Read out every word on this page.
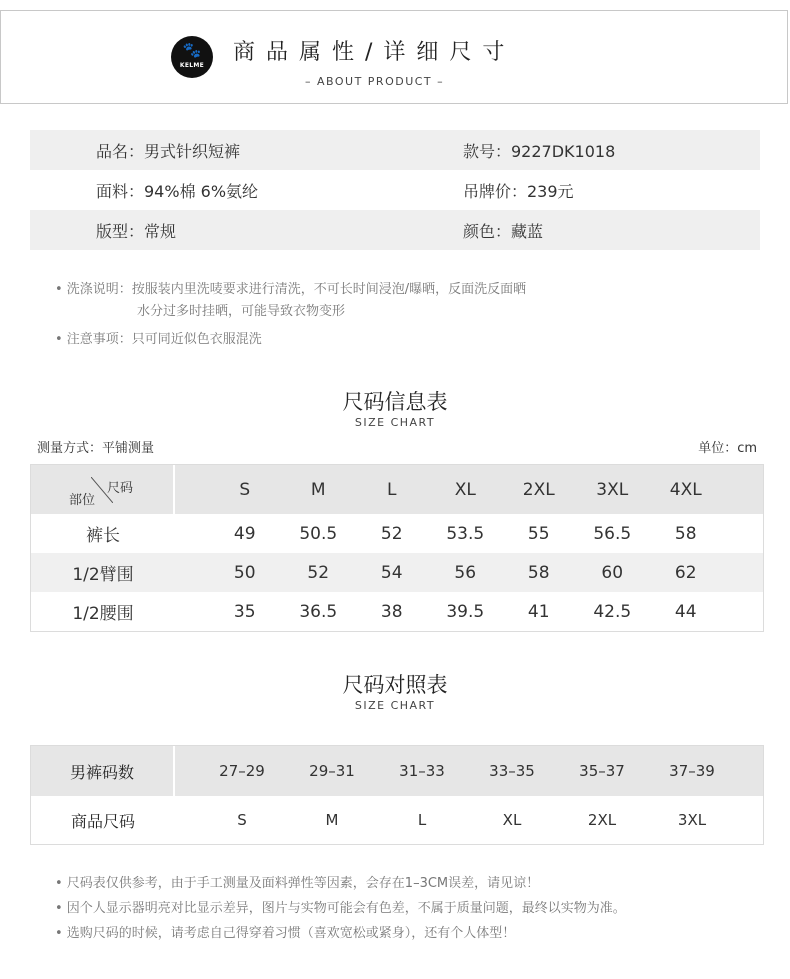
🐾
KELME
商品属性/详细尺寸
– ABOUT PRODUCT –
品名：男式针织短裤	款号：9227DK1018
面料：94%棉 6%氨纶	吊牌价：239元
版型：常规	颜色：藏蓝
• 洗涤说明：按服装内里洗唛要求进行清洗，不可长时间浸泡/曝晒，反面洗反面晒
水分过多时挂晒，可能导致衣物变形
• 注意事项：只可同近似色衣服混洗
尺码信息表
SIZE CHART
测量方式：平铺测量	单位：cm
尺码
部位
S	M	L	XL	2XL	3XL	4XL
裤长	49	50.5	52	53.5	55	56.5	58
1/2臂围	50	52	54	56	58	60	62
1/2腰围	35	36.5	38	39.5	41	42.5	44
尺码对照表
SIZE CHART
男裤码数	27–29	29–31	31–33	33–35	35–37	37–39
商品尺码	S	M	L	XL	2XL	3XL
• 尺码表仅供参考，由于手工测量及面料弹性等因素，会存在1–3CM误差，请见谅！
• 因个人显示器明亮对比显示差异，图片与实物可能会有色差，不属于质量问题，最终以实物为准。
• 选购尺码的时候，请考虑自己得穿着习惯（喜欢宽松或紧身），还有个人体型！
